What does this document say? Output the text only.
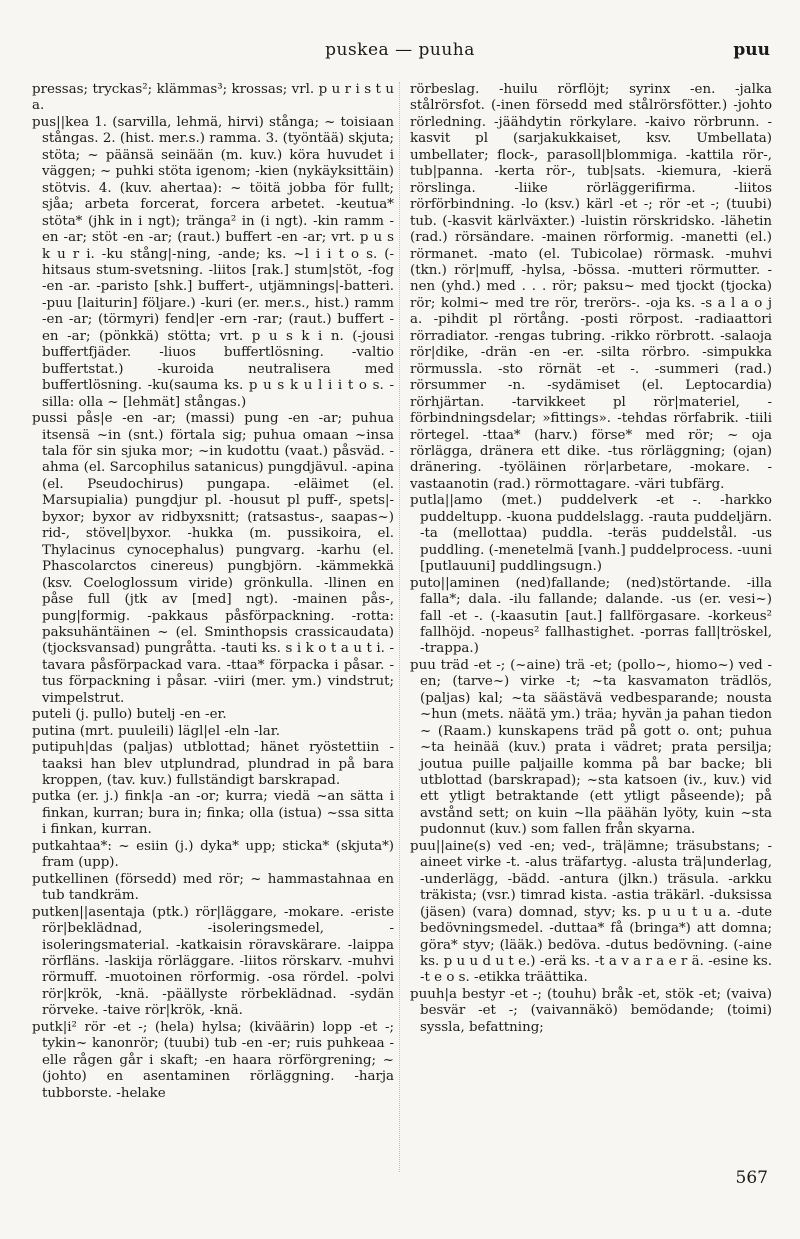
puskea — puuha	puu

pressas; tryckas²; klämmas³; krossas; vrl. p u r i s t u a.

pus||kea 1. (sarvilla, lehmä, hirvi) stånga; ~ toisiaan stångas. 2. (hist. mer.s.) ramma. 3. (työntää) skjuta; stöta; ~ päänsä seinään (m. kuv.) köra huvudet i väggen; ~ puhki stöta igenom; -kien (nykäyksittäin) stötvis. 4. (kuv. ahertaa): ~ töitä jobba för fullt; sjåa; arbeta forcerat, forcera arbetet. -keutua* stöta* (jhk in i ngt); tränga² in (i ngt). -kin ramm -en -ar; stöt -en -ar; (raut.) buffert -en -ar; vrt. p u s k u r i. -ku stång|-ning, -ande; ks. ~l i i t o s. (-hitsaus stum-svetsning. -liitos [rak.] stum|stöt, -fog -en -ar. -paristo [shk.] buffert-, utjämnings|-batteri. -puu [laiturin] följare.) -kuri (er. mer.s., hist.) ramm -en -ar; (törmyri) fend|er -ern -rar; (raut.) buffert -en -ar; (pönkkä) stötta; vrt. p u s k i n. (-jousi buffertfjäder. -liuos buffertlösning. -valtio buffertstat.) -kuroida neutralisera med buffertlösning. -ku(sauma ks. p u s k u l i i t o s. -silla: olla ~ [lehmät] stångas.)

pussi pås|e -en -ar; (massi) pung -en -ar; puhua itsensä ~in (snt.) förtala sig; puhua omaan ~insa tala för sin sjuka mor; ~in kudottu (vaat.) påsväd. -ahma (el. Sarcophilus satanicus) pungdjävul. -apina (el. Pseudochirus) pungapa. -eläimet (el. Marsupialia) pungdjur pl. -housut pl puff-, spets|-byxor; byxor av ridbyxsnitt; (ratsastus-, saapas~) rid-, stövel|byxor. -hukka (m. pussikoira, el. Thylacinus cynocephalus) pungvarg. -karhu (el. Phascolarctos cinereus) pungbjörn. -kämmekkä (ksv. Coeloglossum viride) grönkulla. -llinen en påse full (jtk av [med] ngt). -mainen pås-, pung|formig. -pakkaus påsförpackning. -rotta: paksuhäntäinen ~ (el. Sminthopsis crassicaudata) (tjocksvansad) pungråtta. -tauti ks. s i k o t a u t i. -tavara påsförpackad vara. -ttaa* förpacka i påsar. -tus förpackning i påsar. -viiri (mer. ym.) vindstrut; vimpelstrut.

puteli (j. pullo) butelj -en -er.

putina (mrt. puuleili) lägl|el -eln -lar.

putipuh|das (paljas) utblottad; hänet ryöstettiin -taaksi han blev utplundrad, plundrad in på bara kroppen, (tav. kuv.) fullständigt barskrapad.

putka (er. j.) fink|a -an -or; kurra; viedä ~an sätta i finkan, kurran; bura in; finka; olla (istua) ~ssa sitta i finkan, kurran.

putkahtaa*: ~ esiin (j.) dyka* upp; sticka* (skjuta*) fram (upp).

putkellinen (försedd) med rör; ~ hammastahnaa en tub tandkräm.

putken||asentaja (ptk.) rör|läggare, -mokare. -eriste rör|beklädnad, -isoleringsmedel, -isoleringsmaterial. -katkaisin röravskärare. -laippa rörfläns. -laskija rörläggare. -liitos rörskarv. -muhvi rörmuff. -muotoinen rörformig. -osa rördel. -polvi rör|krök, -knä. -päällyste rörbeklädnad. -sydän rörveke. -taive rör|krök, -knä.

putk|i² rör -et -; (hela) hylsa; (kiväärin) lopp -et -; tykin~ kanonrör; (tuubi) tub -en -er; ruis puhkeaa -elle rågen går i skaft; -en haara rörförgrening; ~(johto) en asentaminen rörläggning. -harja tubborste. -helake

rörbeslag. -huilu rörflöjt; syrinx -en. -jalka stålrörsfot. (-inen försedd med stålrörsfötter.) -johto rörledning. -jäähdytin rörkylare. -kaivo rörbrunn. -kasvit pl (sarjakukkaiset, ksv. Umbellata) umbellater; flock-, parasoll|blommiga. -kattila rör-, tub|panna. -kerta rör-, tub|sats. -kiemura, -kierä rörslinga. -liike rörläggerifirma. -liitos rörförbindning. -lo (ksv.) kärl -et -; rör -et -; (tuubi) tub. (-kasvit kärlväxter.) -luistin rörskridsko. -lähetin (rad.) rörsändare. -mainen rörformig. -manetti (el.) rörmanet. -mato (el. Tubicolae) rörmask. -muhvi (tkn.) rör|muff, -hylsa, -bössa. -mutteri rörmutter. -nen (yhd.) med . . . rör; paksu~ med tjockt (tjocka) rör; kolmi~ med tre rör, trerörs-. -oja ks. -s a l a o j a. -pihdit pl rörtång. -posti rörpost. -radiaattori rörradiator. -rengas tubring. -rikko rörbrott. -salaoja rör|dike, -drän -en -er. -silta rörbro. -simpukka rörmussla. -sto rörnät -et -. -summeri (rad.) rörsummer -n. -sydämiset (el. Leptocardia) rörhjärtan. -tarvikkeet pl rör|materiel, -förbindningsdelar; »fittings». -tehdas rörfabrik. -tiili rörtegel. -ttaa* (harv.) förse* med rör; ~ oja rörlägga, dränera ett dike. -tus rörläggning; (ojan) dränering. -työläinen rör|arbetare, -mokare. -vastaanotin (rad.) rörmottagare. -väri tubfärg.

putla||amo (met.) puddelverk -et -. -harkko puddeltupp. -kuona puddelslagg. -rauta puddeljärn. -ta (mellottaa) puddla. -teräs puddelstål. -us puddling. (-menetelmä [vanh.] puddelprocess. -uuni [putlauuni] puddlingsugn.)

puto||aminen (ned)fallande; (ned)störtande. -illa falla*; dala. -ilu fallande; dalande. -us (er. vesi~) fall -et -. (-kaasutin [aut.] fallförgasare. -korkeus² fallhöjd. -nopeus² fallhastighet. -porras fall|tröskel, -trappa.)

puu träd -et -; (~aine) trä -et; (pollo~, hiomo~) ved -en; (tarve~) virke -t; ~ta kasvamaton trädlös, (paljas) kal; ~ta säästävä vedbesparande; nousta ~hun (mets. näätä ym.) träa; hyvän ja pahan tiedon ~ (Raam.) kunskapens träd på gott o. ont; puhua ~ta heinää (kuv.) prata i vädret; prata persilja; joutua puille paljaille komma på bar backe; bli utblottad (barskrapad); ~sta katsoen (iv., kuv.) vid ett ytligt betraktande (ett ytligt påseende); på avstånd sett; on kuin ~lla päähän lyöty, kuin ~sta pudonnut (kuv.) som fallen från skyarna.

puu||aine(s) ved -en; ved-, trä|ämne; träsubstans; -aineet virke -t. -alus träfartyg. -alusta trä|underlag, -underlägg, -bädd. -antura (jlkn.) träsula. -arkku träkista; (vsr.) timrad kista. -astia träkärl. -duksissa (jäsen) (vara) domnad, styv; ks. p u u t u a. -dute bedövningsmedel. -duttaa* få (bringa*) att domna; göra* styv; (lääk.) bedöva. -dutus bedövning. (-aine ks. p u u d u t e.) -erä ks. -t a v a r a e r ä. -esine ks. -t e o s. -etikka träättika.

puuh|a bestyr -et -; (touhu) bråk -et, stök -et; (vaiva) besvär -et -; (vaivannäkö) bemödande; (toimi) syssla, befattning;

567
